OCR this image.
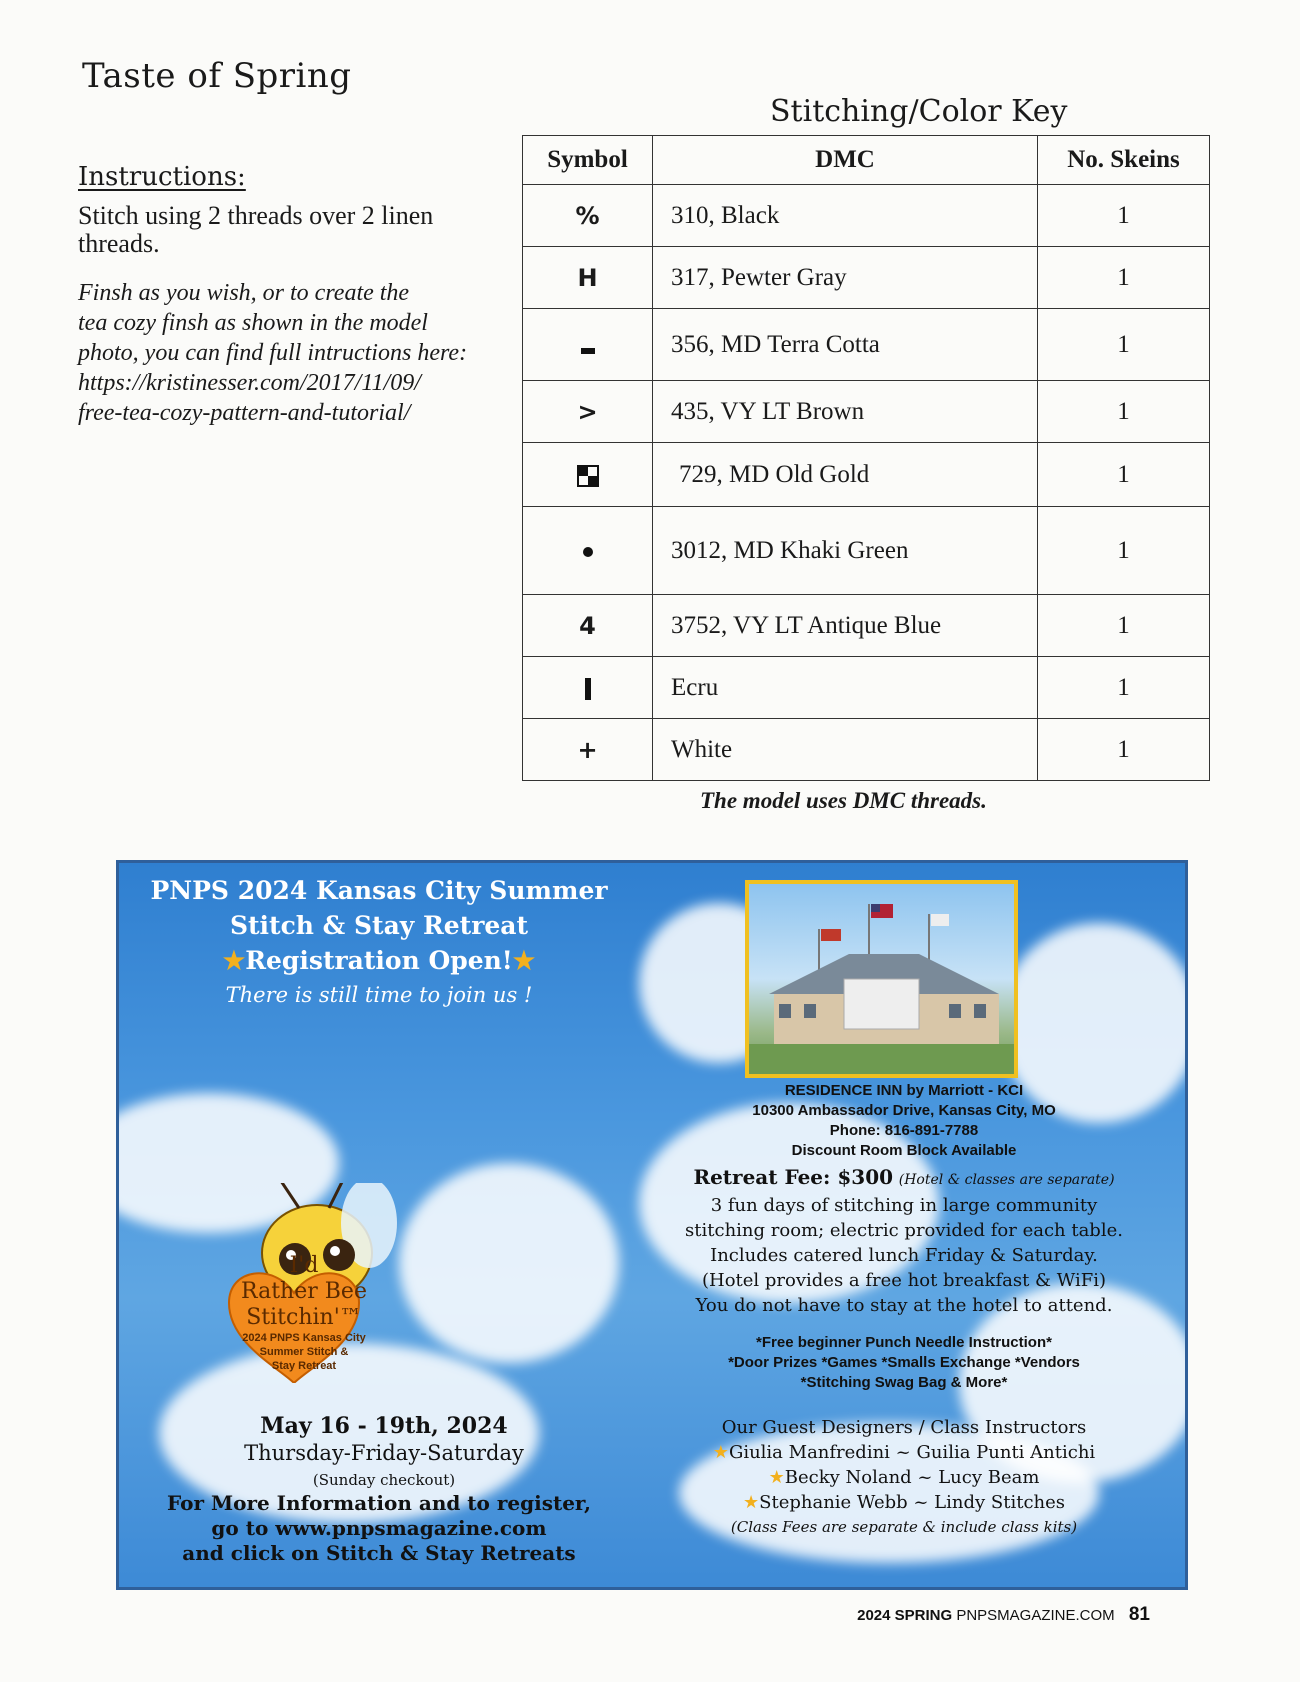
Taste of Spring
Instructions:
Stitch using 2 threads over 2 linen threads.
Finsh as you wish, or to create the
tea cozy finsh as shown in the model
photo, you can find full intructions here:
https://kristinesser.com/2017/11/09/
free-tea-cozy-pattern-and-tutorial/
Stitching/Color Key
Symbol	DMC	No. Skeins
%	310, Black	1
H	317, Pewter Gray	1
	356, MD Terra Cotta	1
>	435, VY LT Brown	1
	729, MD Old Gold	1
	3012, MD Khaki Green	1
4	3752, VY LT Antique Blue	1
	Ecru	1
+	White	1
The model uses DMC threads.
PNPS 2024 Kansas City Summer
Stitch & Stay Retreat
★Registration Open!★
There is still time to join us !
I'd
Rather Bee
Stitchin'™
2024 PNPS Kansas City
Summer Stitch &
Stay Retreat
May 16 - 19th, 2024
Thursday-Friday-Saturday
(Sunday checkout)
For More Information and to register,
go to www.pnpsmagazine.com
and click on Stitch & Stay Retreats
RESIDENCE INN by Marriott - KCI
10300 Ambassador Drive, Kansas City, MO
Phone: 816-891-7788
Discount Room Block Available
Retreat Fee: $300 (Hotel & classes are separate)
3 fun days of stitching in large community
stitching room; electric provided for each table.
Includes catered lunch Friday & Saturday.
(Hotel provides a free hot breakfast & WiFi)
You do not have to stay at the hotel to attend.
*Free beginner Punch Needle Instruction*
*Door Prizes *Games *Smalls Exchange *Vendors
*Stitching Swag Bag & More*
Our Guest Designers / Class Instructors
★Giulia Manfredini ~ Guilia Punti Antichi
★Becky Noland ~ Lucy Beam
★Stephanie Webb ~ Lindy Stitches
(Class Fees are separate & include class kits)
2024 SPRING PNPSMAGAZINE.COM 81
